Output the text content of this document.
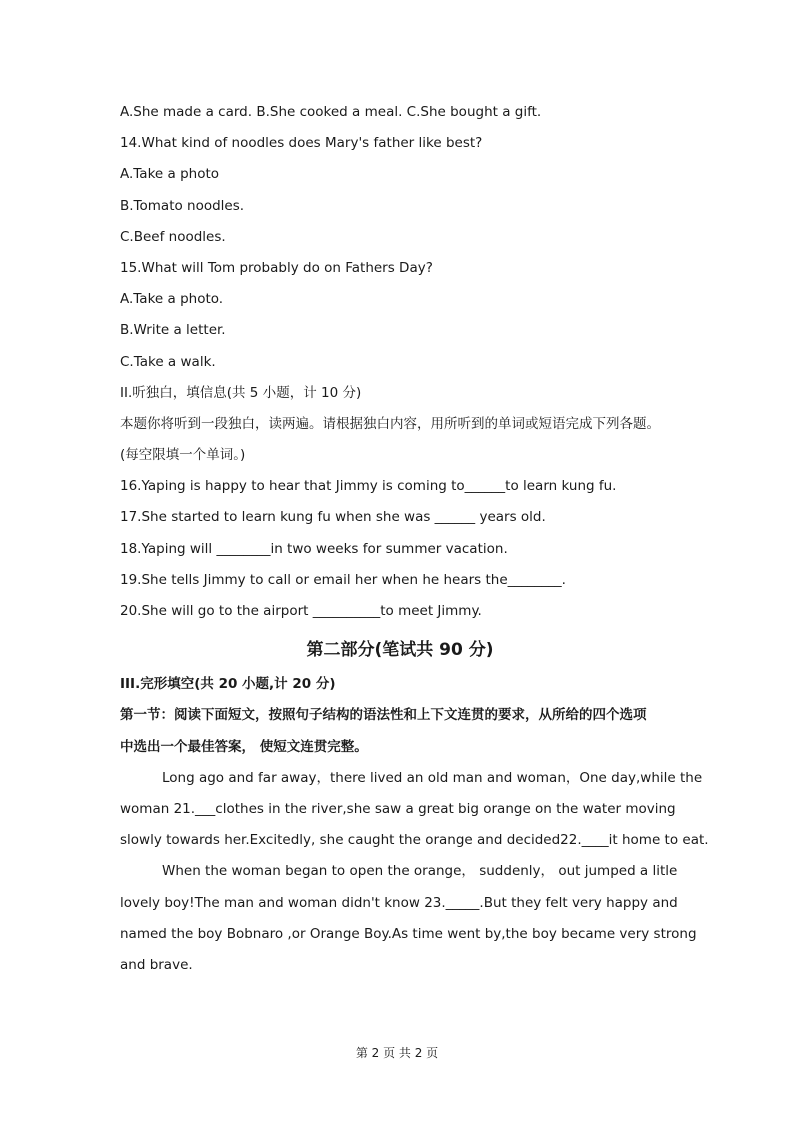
A.She made a card. B.She cooked a meal. C.She bought a gift.
14.What kind of noodles does Mary's father like best?
A.Take a photo
B.Tomato noodles.
C.Beef noodles.
15.What will Tom probably do on Fathers Day?
A.Take a photo.
B.Write a letter.
C.Take a walk.
II.听独白，填信息(共 5 小题，计 10 分)
本题你将听到一段独白，读两遍。请根据独白内容，用所听到的单词或短语完成下列各题。
(每空限填一个单词。)
16.Yaping is happy to hear that Jimmy is coming to______to learn kung fu.
17.She started to learn kung fu when she was ______ years old.
18.Yaping will ________in two weeks for summer vacation.
19.She tells Jimmy to call or email her when he hears the________.
20.She will go to the airport __________to meet Jimmy.
第二部分(笔试共 90 分)
III.完形填空(共 20 小题,计 20 分)
第一节：阅读下面短文，按照句子结构的语法性和上下文连贯的要求，从所给的四个选项
中选出一个最佳答案， 使短文连贯完整。
Long ago and far away，there lived an old man and woman，One day,while the
woman 21.___clothes in the river,she saw a great big orange on the water moving
slowly towards her.Excitedly, she caught the orange and decided22.____it home to eat.
When the woman began to open the orange， suddenly， out jumped a litle
lovely boy!The man and woman didn't know 23._____.But they felt very happy and
named the boy Bobnaro ,or Orange Boy.As time went by,the boy became very strong
and brave.
第 2 页 共 2 页
